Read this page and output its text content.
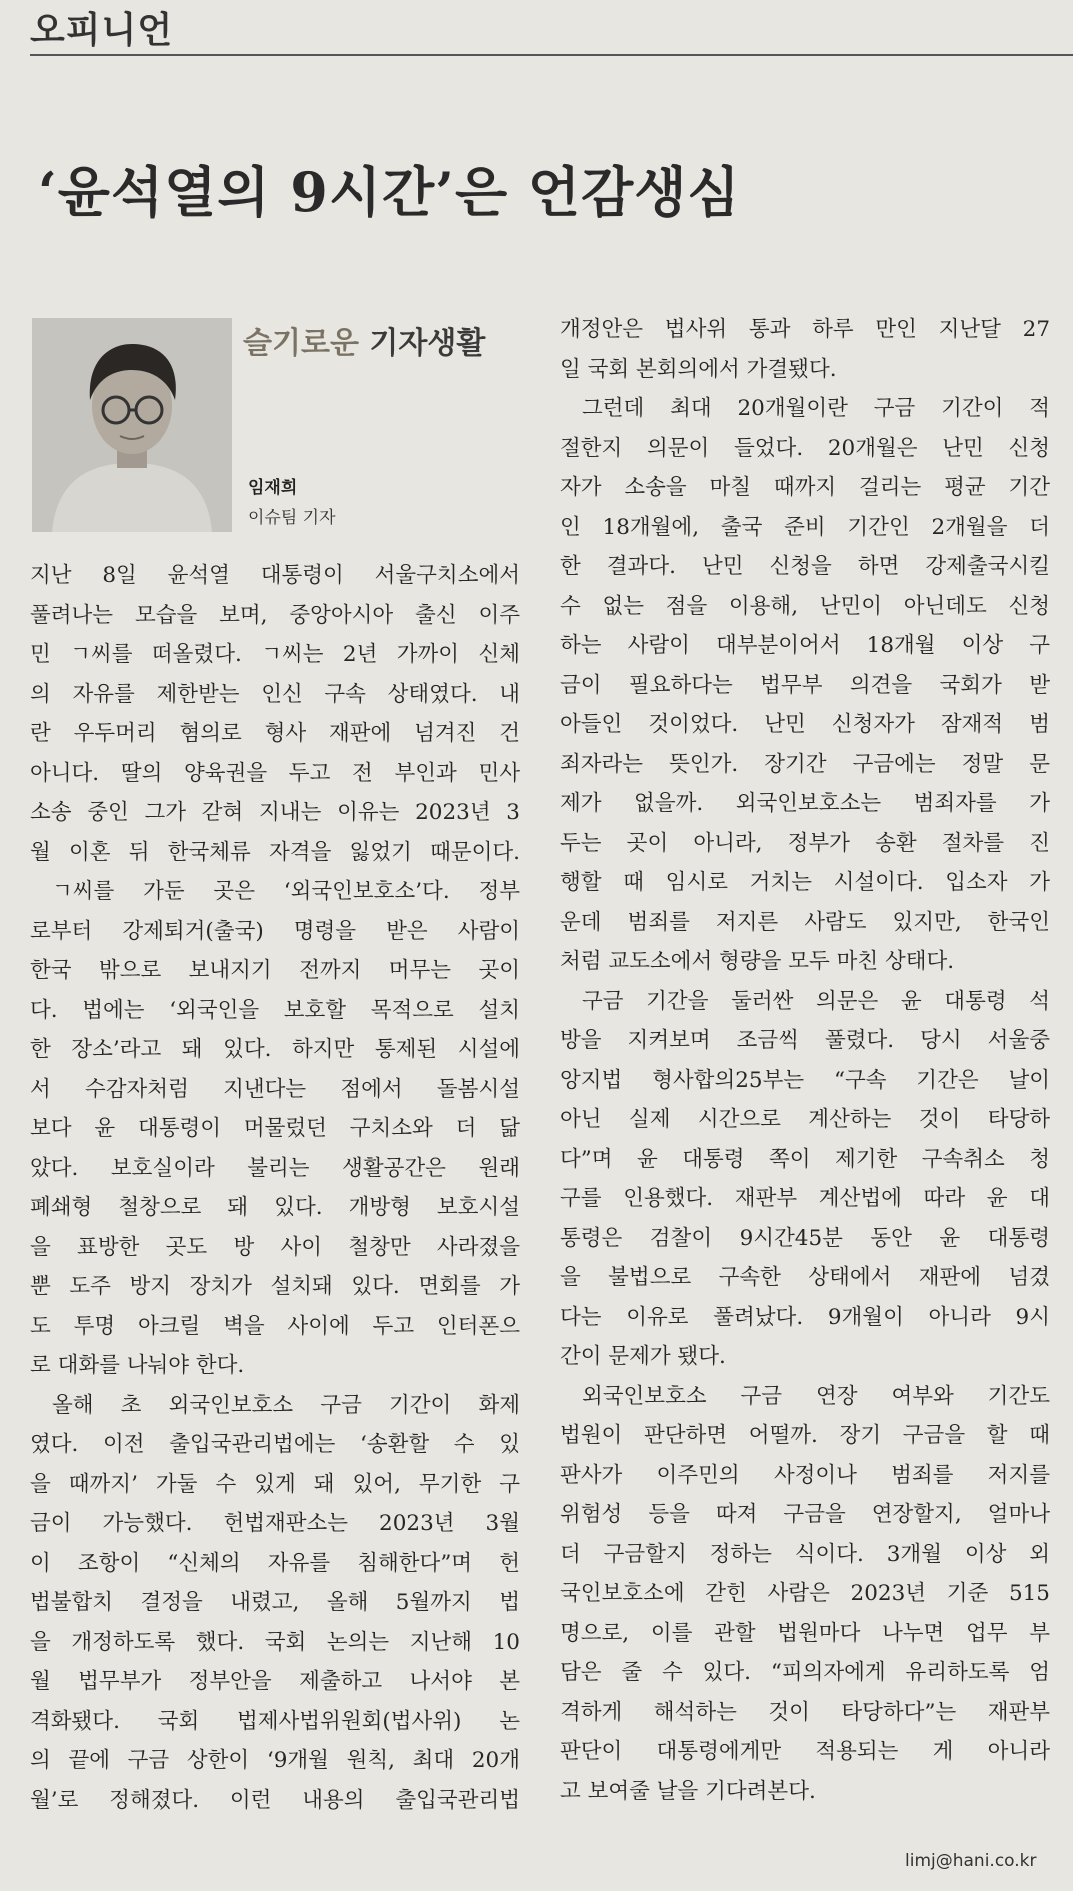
오피니언
‘윤석열의 9시간’은 언감생심
슬기로운 기자생활
임재희
이슈팀 기자
지난 8일 윤석열 대통령이 서울구치소에서
풀려나는 모습을 보며, 중앙아시아 출신 이주
민 ㄱ씨를 떠올렸다. ㄱ씨는 2년 가까이 신체
의 자유를 제한받는 인신 구속 상태였다. 내
란 우두머리 혐의로 형사 재판에 넘겨진 건
아니다. 딸의 양육권을 두고 전 부인과 민사
소송 중인 그가 갇혀 지내는 이유는 2023년 3
월 이혼 뒤 한국체류 자격을 잃었기 때문이다.
ㄱ씨를 가둔 곳은 ‘외국인보호소’다. 정부
로부터 강제퇴거(출국) 명령을 받은 사람이
한국 밖으로 보내지기 전까지 머무는 곳이
다. 법에는 ‘외국인을 보호할 목적으로 설치
한 장소’라고 돼 있다. 하지만 통제된 시설에
서 수감자처럼 지낸다는 점에서 돌봄시설
보다 윤 대통령이 머물렀던 구치소와 더 닮
았다. 보호실이라 불리는 생활공간은 원래
폐쇄형 철창으로 돼 있다. 개방형 보호시설
을 표방한 곳도 방 사이 철창만 사라졌을
뿐 도주 방지 장치가 설치돼 있다. 면회를 가
도 투명 아크릴 벽을 사이에 두고 인터폰으
로 대화를 나눠야 한다.
올해 초 외국인보호소 구금 기간이 화제
였다. 이전 출입국관리법에는 ‘송환할 수 있
을 때까지’ 가둘 수 있게 돼 있어, 무기한 구
금이 가능했다. 헌법재판소는 2023년 3월
이 조항이 “신체의 자유를 침해한다”며 헌
법불합치 결정을 내렸고, 올해 5월까지 법
을 개정하도록 했다. 국회 논의는 지난해 10
월 법무부가 정부안을 제출하고 나서야 본
격화됐다. 국회 법제사법위원회(법사위) 논
의 끝에 구금 상한이 ‘9개월 원칙, 최대 20개
월’로 정해졌다. 이런 내용의 출입국관리법
개정안은 법사위 통과 하루 만인 지난달 27
일 국회 본회의에서 가결됐다.
그런데 최대 20개월이란 구금 기간이 적
절한지 의문이 들었다. 20개월은 난민 신청
자가 소송을 마칠 때까지 걸리는 평균 기간
인 18개월에, 출국 준비 기간인 2개월을 더
한 결과다. 난민 신청을 하면 강제출국시킬
수 없는 점을 이용해, 난민이 아닌데도 신청
하는 사람이 대부분이어서 18개월 이상 구
금이 필요하다는 법무부 의견을 국회가 받
아들인 것이었다. 난민 신청자가 잠재적 범
죄자라는 뜻인가. 장기간 구금에는 정말 문
제가 없을까. 외국인보호소는 범죄자를 가
두는 곳이 아니라, 정부가 송환 절차를 진
행할 때 임시로 거치는 시설이다. 입소자 가
운데 범죄를 저지른 사람도 있지만, 한국인
처럼 교도소에서 형량을 모두 마친 상태다.
구금 기간을 둘러싼 의문은 윤 대통령 석
방을 지켜보며 조금씩 풀렸다. 당시 서울중
앙지법 형사합의25부는 “구속 기간은 날이
아닌 실제 시간으로 계산하는 것이 타당하
다”며 윤 대통령 쪽이 제기한 구속취소 청
구를 인용했다. 재판부 계산법에 따라 윤 대
통령은 검찰이 9시간45분 동안 윤 대통령
을 불법으로 구속한 상태에서 재판에 넘겼
다는 이유로 풀려났다. 9개월이 아니라 9시
간이 문제가 됐다.
외국인보호소 구금 연장 여부와 기간도
법원이 판단하면 어떨까. 장기 구금을 할 때
판사가 이주민의 사정이나 범죄를 저지를
위험성 등을 따져 구금을 연장할지, 얼마나
더 구금할지 정하는 식이다. 3개월 이상 외
국인보호소에 갇힌 사람은 2023년 기준 515
명으로, 이를 관할 법원마다 나누면 업무 부
담은 줄 수 있다. “피의자에게 유리하도록 엄
격하게 해석하는 것이 타당하다”는 재판부
판단이 대통령에게만 적용되는 게 아니라
고 보여줄 날을 기다려본다.
limj@hani.co.kr
